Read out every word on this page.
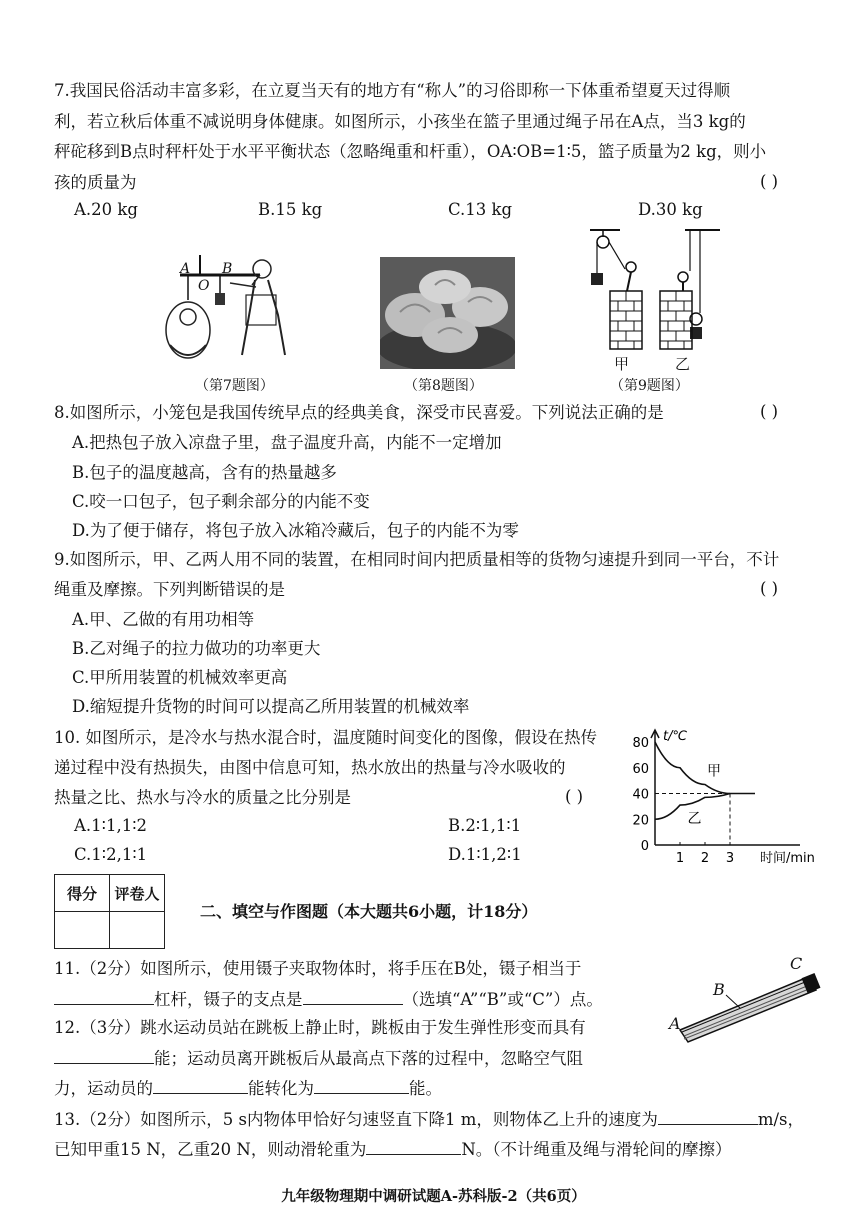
7.我国民俗活动丰富多彩，在立夏当天有的地方有“称人”的习俗即称一下体重希望夏天过得顺
利，若立秋后体重不减说明身体健康。如图所示，小孩坐在篮子里通过绳子吊在A点，当3 kg的
秤砣移到B点时秤杆处于水平平衡状态（忽略绳重和杆重），OA∶OB=1∶5，篮子质量为2 kg，则小
孩的质量为	( )
A.20 kg	B.15 kg	C.13 kg	D.30 kg
A B
O
（第7题图）	（第8题图）
甲	乙
（第9题图）
8.如图所示，小笼包是我国传统早点的经典美食，深受市民喜爱。下列说法正确的是	( )
A.把热包子放入凉盘子里，盘子温度升高，内能不一定增加
B.包子的温度越高，含有的热量越多
C.咬一口包子，包子剩余部分的内能不变
D.为了便于储存，将包子放入冰箱冷藏后，包子的内能不为零
9.如图所示，甲、乙两人用不同的装置，在相同时间内把质量相等的货物匀速提升到同一平台，不计
绳重及摩擦。下列判断错误的是	( )
A.甲、乙做的有用功相等
B.乙对绳子的拉力做功的功率更大
C.甲所用装置的机械效率更高
D.缩短提升货物的时间可以提高乙所用装置的机械效率
10. 如图所示，是冷水与热水混合时，温度随时间变化的图像，假设在热传
递过程中没有热损失，由图中信息可知，热水放出的热量与冷水吸收的
热量之比、热水与冷水的质量之比分别是	( )
A.1∶1,1∶2	B.2∶1,1∶1
C.1∶2,1∶1	D.1∶1,2∶1	0
20
40
60
80
1 2 3
t/℃
时间/min
甲
乙
得分	评卷人

二、填空与作图题（本大题共6小题，计18分）
11.（2分）如图所示，使用镊子夹取物体时，将手压在B处，镊子相当于
杠杆，镊子的支点是	（选填“A”“B”或“C”）点。
C
B
A
12.（3分）跳水运动员站在跳板上静止时，跳板由于发生弹性形变而具有
能；运动员离开跳板后从最高点下落的过程中，忽略空气阻
力，运动员的	能转化为	能。
13.（2分）如图所示，5 s内物体甲恰好匀速竖直下降1 m，则物体乙上升的速度为	m/s，
已知甲重15 N，乙重20 N，则动滑轮重为	N。（不计绳重及绳与滑轮间的摩擦）
九年级物理期中调研试题A-苏科版-2（共6页）
